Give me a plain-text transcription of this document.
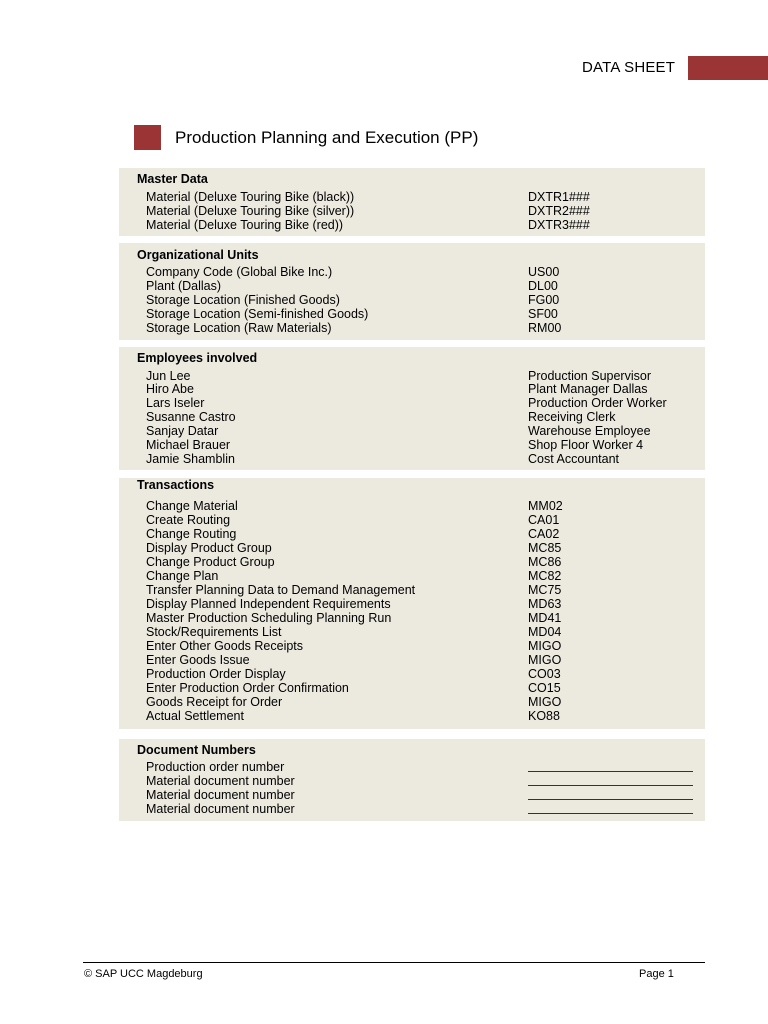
DATA SHEET
Production Planning and Execution (PP)
Master Data
Material (Deluxe Touring Bike (black))	DXTR1###
Material (Deluxe Touring Bike (silver))	DXTR2###
Material (Deluxe Touring Bike (red))	DXTR3###
Organizational Units
Company Code (Global Bike Inc.)	US00
Plant (Dallas)	DL00
Storage Location (Finished Goods)	FG00
Storage Location (Semi-finished Goods)	SF00
Storage Location (Raw Materials)	RM00
Employees involved
Jun Lee	Production Supervisor
Hiro Abe	Plant Manager Dallas
Lars Iseler	Production Order Worker
Susanne Castro	Receiving Clerk
Sanjay Datar	Warehouse Employee
Michael Brauer	Shop Floor Worker 4
Jamie Shamblin	Cost Accountant
Transactions
Change Material	MM02
Create Routing	CA01
Change Routing	CA02
Display Product Group	MC85
Change Product Group	MC86
Change Plan	MC82
Transfer Planning Data to Demand Management	MC75
Display Planned Independent Requirements	MD63
Master Production Scheduling Planning Run	MD41
Stock/Requirements List	MD04
Enter Other Goods Receipts	MIGO
Enter Goods Issue	MIGO
Production Order Display	CO03
Enter Production Order Confirmation	CO15
Goods Receipt for Order	MIGO
Actual Settlement	KO88
Document Numbers
Production order number
Material document number
Material document number
Material document number
© SAP UCC Magdeburg	Page 1
